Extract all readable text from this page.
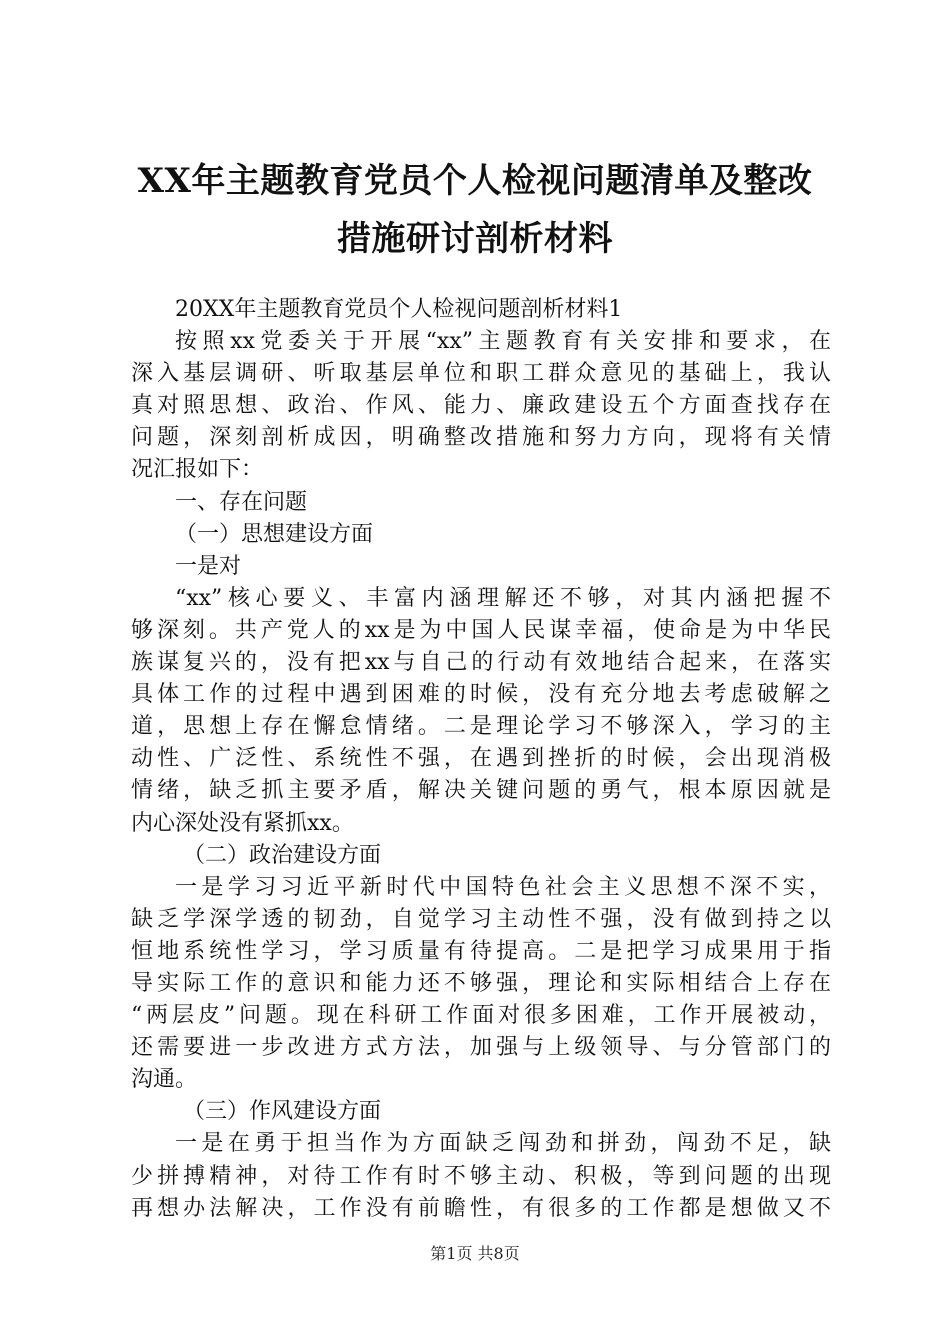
XX年主题教育党员个人检视问题清单及整改
措施研讨剖析材料
20XX年主题教育党员个人检视问题剖析材料1
按照xx党委关于开展“xx”主题教育有关安排和要求，在
深入基层调研、听取基层单位和职工群众意见的基础上，我认
真对照思想、政治、作风、能力、廉政建设五个方面查找存在
问题，深刻剖析成因，明确整改措施和努力方向，现将有关情
况汇报如下：
一、存在问题
（一）思想建设方面
一是对
“xx”核心要义、丰富内涵理解还不够，对其内涵把握不
够深刻。共产党人的xx是为中国人民谋幸福，使命是为中华民
族谋复兴的，没有把xx与自己的行动有效地结合起来，在落实
具体工作的过程中遇到困难的时候，没有充分地去考虑破解之
道，思想上存在懈怠情绪。二是理论学习不够深入，学习的主
动性、广泛性、系统性不强，在遇到挫折的时候，会出现消极
情绪，缺乏抓主要矛盾，解决关键问题的勇气，根本原因就是
内心深处没有紧抓xx。
（二）政治建设方面
一是学习习近平新时代中国特色社会主义思想不深不实，
缺乏学深学透的韧劲，自觉学习主动性不强，没有做到持之以
恒地系统性学习，学习质量有待提高。二是把学习成果用于指
导实际工作的意识和能力还不够强，理论和实际相结合上存在
“两层皮”问题。现在科研工作面对很多困难，工作开展被动，
还需要进一步改进方式方法，加强与上级领导、与分管部门的
沟通。
（三）作风建设方面
一是在勇于担当作为方面缺乏闯劲和拼劲，闯劲不足，缺
少拼搏精神，对待工作有时不够主动、积极，等到问题的出现
再想办法解决，工作没有前瞻性，有很多的工作都是想做又不
第1页 共8页
